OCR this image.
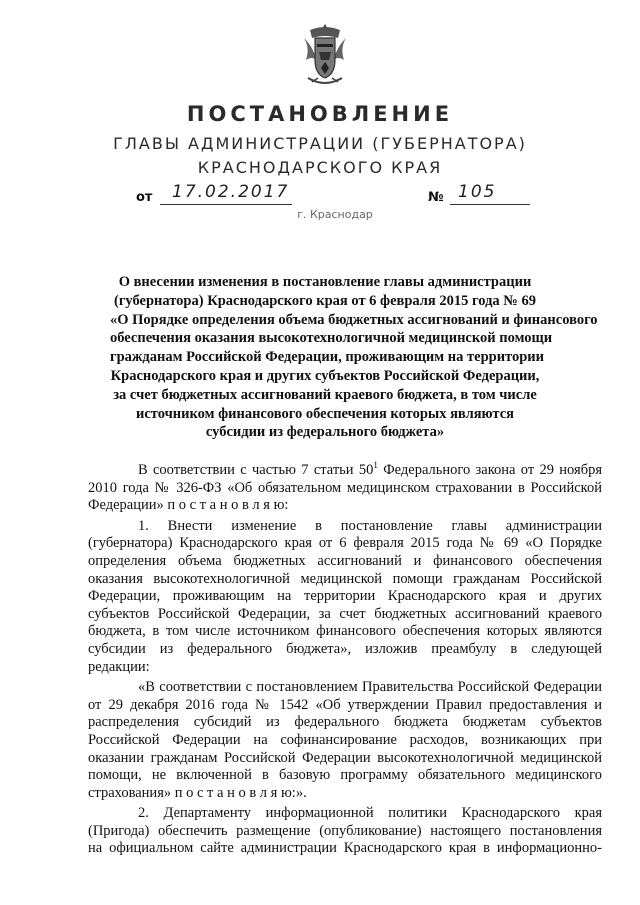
ПОСТАНОВЛЕНИЕ
ГЛАВЫ АДМИНИСТРАЦИИ (ГУБЕРНАТОРА)
КРАСНОДАРСКОГО КРАЯ
от 17.02.2017	№ 105
г. Краснодар
О внесении изменения в постановление главы администрации
(губернатора) Краснодарского края от 6 февраля 2015 года № 69
«О Порядке определения объема бюджетных ассигнований и финансового
обеспечения оказания высокотехнологичной медицинской помощи
гражданам Российской Федерации, проживающим на территории
Краснодарского края и других субъектов Российской Федерации,
за счет бюджетных ассигнований краевого бюджета, в том числе
источником финансового обеспечения которых являются
субсидии из федерального бюджета»
В соответствии с частью 7 статьи $50^1$ Федерального закона от 29 ноября
2010 года № 326-ФЗ «Об обязательном медицинском страховании в Российской
Федерации» п о с т а н о в л я ю:
1. Внести изменение в постановление главы администрации
(губернатора) Краснодарского края от 6 февраля 2015 года № 69 «О Порядке
определения объема бюджетных ассигнований и финансового обеспечения
оказания высокотехнологичной медицинской помощи гражданам Российской
Федерации, проживающим на территории Краснодарского края и других
субъектов Российской Федерации, за счет бюджетных ассигнований краевого
бюджета, в том числе источником финансового обеспечения которых являются
субсидии из федерального бюджета», изложив преамбулу в следующей
редакции:
«В соответствии с постановлением Правительства Российской Федерации
от 29 декабря 2016 года № 1542 «Об утверждении Правил предоставления и
распределения субсидий из федерального бюджета бюджетам субъектов
Российской Федерации на софинансирование расходов, возникающих при
оказании гражданам Российской Федерации высокотехнологичной медицинской
помощи, не включенной в базовую программу обязательного медицинского
страхования» п о с т а н о в л я ю:».
2. Департаменту информационной политики Краснодарского края
(Пригода) обеспечить размещение (опубликование) настоящего постановления
на официальном сайте администрации Краснодарского края в информационно-
